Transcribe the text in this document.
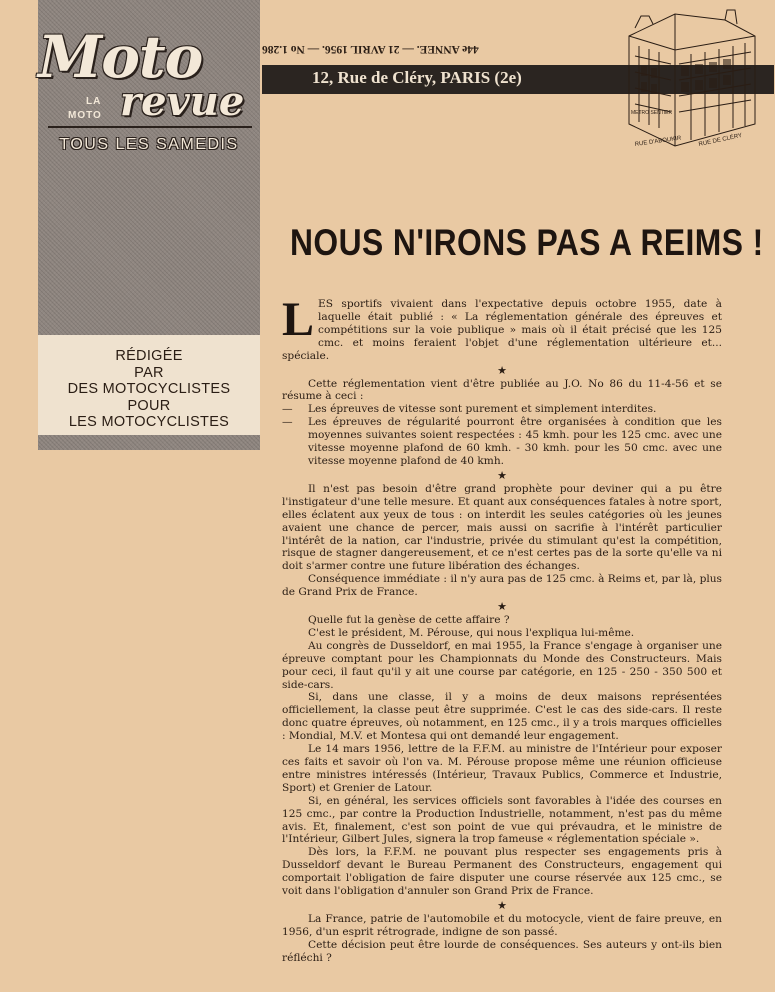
Moto
LA
MOTO revue
TOUS LES SAMEDIS
RÉDIGÉE
PAR
DES MOTOCYCLISTES
POUR
LES MOTOCYCLISTES
44e ANNEE. — 21 AVRIL 1956. — No 1.286
12, Rue de Cléry, PARIS (2e)
METRO SENTIER
RUE D'ABOUKIR	RUE DE CLÉRY
NOUS N'IRONS PAS A REIMS !

LES sportifs vivaient dans l'expectative depuis octobre 1955, date à laquelle était publié : « La réglementation générale des épreuves et compétitions sur la voie publique » mais où il était précisé que les 125 cmc. et moins feraient l'objet d'une réglementation ultérieure et... spéciale.

★

Cette réglementation vient d'être publiée au J.O. No 86 du 11-4-56 et se résume à ceci :

—	Les épreuves de vitesse sont purement et simplement interdites.
—	Les épreuves de régularité pourront être organisées à condition que les moyennes suivantes soient respectées : 45 kmh. pour les 125 cmc. avec une vitesse moyenne plafond de 60 kmh. - 30 kmh. pour les 50 cmc. avec une vitesse moyenne plafond de 40 kmh.
★

Il n'est pas besoin d'être grand prophète pour deviner qui a pu être l'instigateur d'une telle mesure. Et quant aux conséquences fatales à notre sport, elles éclatent aux yeux de tous : on interdit les seules catégories où les jeunes avaient une chance de percer, mais aussi on sacrifie à l'intérêt particulier l'intérêt de la nation, car l'industrie, privée du stimulant qu'est la compétition, risque de stagner dangereusement, et ce n'est certes pas de la sorte qu'elle va ni doit s'armer contre une future libération des échanges.

Conséquence immédiate : il n'y aura pas de 125 cmc. à Reims et, par là, plus de Grand Prix de France.

★

Quelle fut la genèse de cette affaire ?

C'est le président, M. Pérouse, qui nous l'expliqua lui-même.

Au congrès de Dusseldorf, en mai 1955, la France s'engage à organiser une épreuve comptant pour les Championnats du Monde des Constructeurs. Mais pour ceci, il faut qu'il y ait une course par catégorie, en 125 - 250 - 350 500 et side-cars.

Si, dans une classe, il y a moins de deux maisons représentées officiellement, la classe peut être supprimée. C'est le cas des side-cars. Il reste donc quatre épreuves, où notamment, en 125 cmc., il y a trois marques officielles : Mondial, M.V. et Montesa qui ont demandé leur engagement.

Le 14 mars 1956, lettre de la F.F.M. au ministre de l'Intérieur pour exposer ces faits et savoir où l'on va. M. Pérouse propose même une réunion officieuse entre ministres intéressés (Intérieur, Travaux Publics, Commerce et Industrie, Sport) et Grenier de Latour.

Si, en général, les services officiels sont favorables à l'idée des courses en 125 cmc., par contre la Production Industrielle, notamment, n'est pas du même avis. Et, finalement, c'est son point de vue qui prévaudra, et le ministre de l'Intérieur, Gilbert Jules, signera la trop fameuse « réglementation spéciale ».

Dès lors, la F.F.M. ne pouvant plus respecter ses engagements pris à Dusseldorf devant le Bureau Permanent des Constructeurs, engagement qui comportait l'obligation de faire disputer une course réservée aux 125 cmc., se voit dans l'obligation d'annuler son Grand Prix de France.

★

La France, patrie de l'automobile et du motocycle, vient de faire preuve, en 1956, d'un esprit rétrograde, indigne de son passé.

Cette décision peut être lourde de conséquences. Ses auteurs y ont-ils bien réfléchi ?
